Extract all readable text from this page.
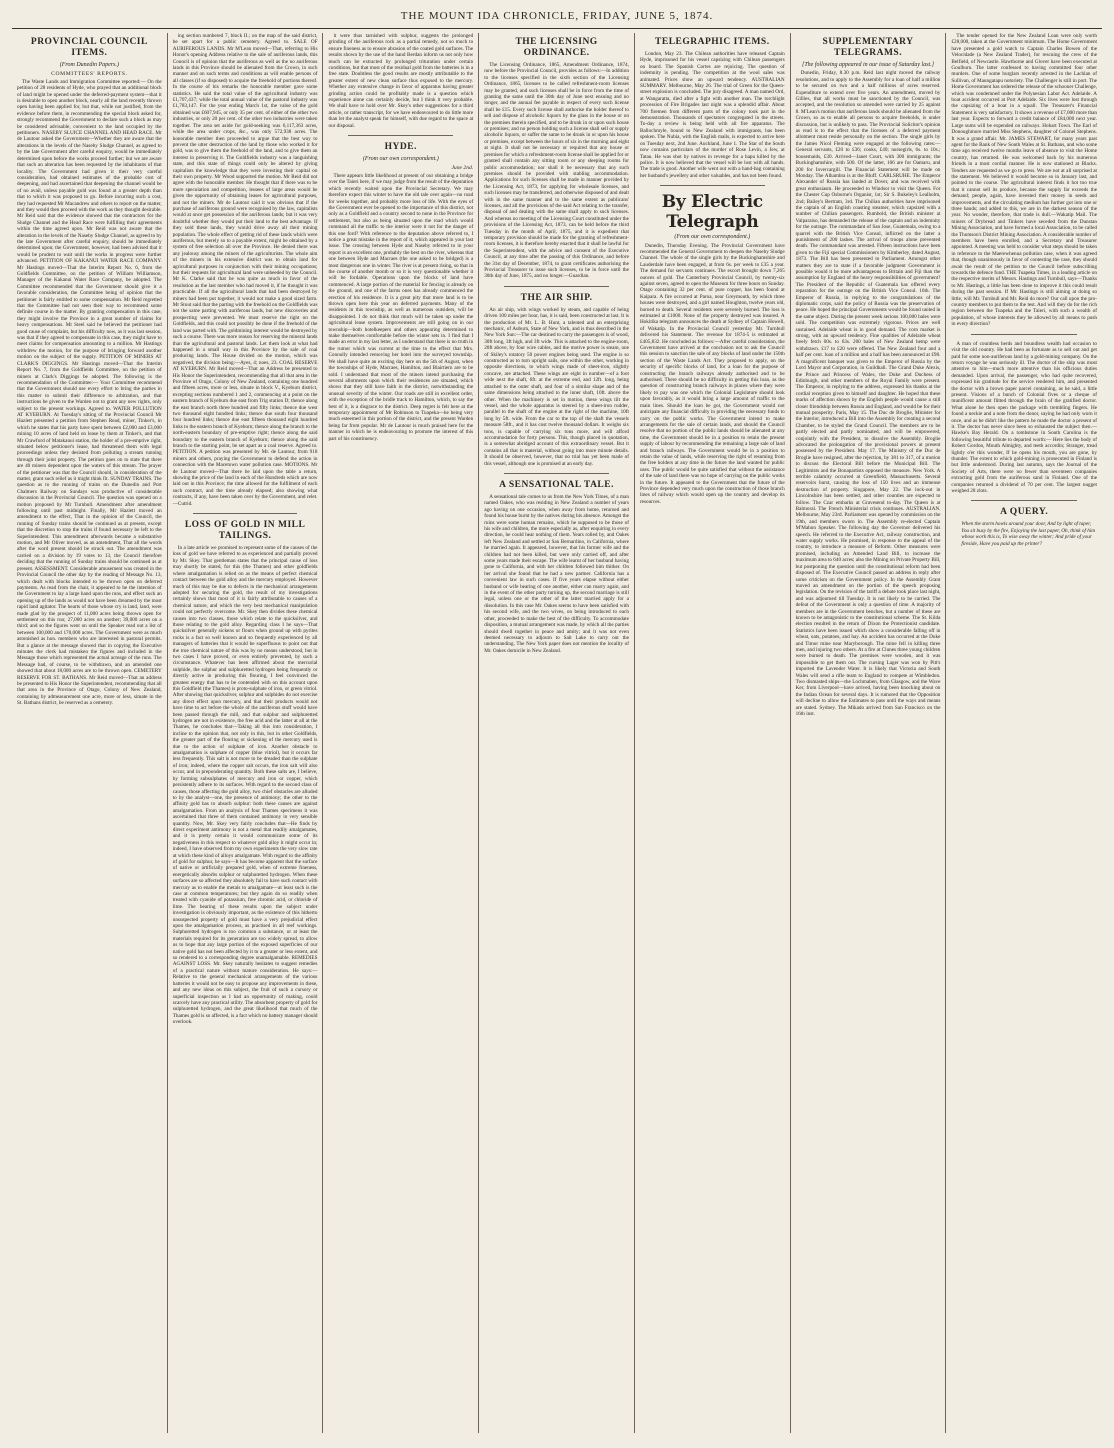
THE MOUNT IDA CHRONICLE, FRIDAY, JUNE 5, 1874.
PROVINCIAL COUNCIL ITEMS.
(From Dunedin Papers.)
COMMITTEES' REPORTS.
The Waste Lands and Immigration Committee reported:— On the petition of 28 residents of Hyde, who prayed that an additional block of land might be opened under the deferred-payment system—that it is desirable to open another block, nearly all the land recently thrown open having been applied for, but that, while not justified, from the evidence before them, in recommending the special block asked for, strongly recommend the Government to declare such a block as may be considered advisable, convenient to the land occupied by the petitioners. NASEBY SLUICE CHANNEL AND HEAD RACE. Mr de Lautour asked the Government—Whether they are aware that the alterations in the levels of the Naseby Sludge Channel, as agreed to by the late Government after careful enquiry, would be immediately determined upon before the works proceed further; but we are aware that such an alteration has been requested by the inhabitants of that locality. The Government had given it their very careful consideration, had obtained estimates of the probable cost of deepening, and had ascertained that deepening the channel would be of no avail, unless payable gold was found at a greater depth than that to which it was proposed to go. Before incurring such a cost, they had requested Mr Macandrew and others to report on the matter, and they would then proceed with the work as they thought desirable. Mr Reid said that the evidence showed that the contractors for the Sludge Channel and the Head Race were fulfilling their agreements within the time agreed upon. Mr Reid was not aware that the alteration in the levels of the Naseby Sludge Channel, as agreed to by the late Government after careful enquiry, should be immediately determined upon; the Government, however, had been advised that it would be prudent to wait until the works in progress were further advanced. PETITION OF KAKANUI WATER RACE COMPANY. Mr Hastings moved—That the Interim Report No. 6, from the Goldfields Committee, on the petition of William Williamson, Manager of the Kakanui Water Race Company, be adopted. The Committee recommended that the Government should give it a favorable consideration, the Committee being of opinion that the petitioner is fairly entitled to some compensation. Mr Reid regretted that the Committee had not seen their way to recommend some definite course in the matter. By granting compensation in this case, they might involve the Province in a great number of claims for heavy compensations. Mr Steel said he believed the petitioner had good cause of complaint, but his difficulty now, as it was last session, was that if they agreed to compensate in this case, they might have to meet claims for compensation amounting to a million. Mr Hastings withdrew the motion, for the purpose of bringing forward another motion on the subject of the supply. PETITION OF MINERS AT CLARK'S DIGGINGS. Mr Hastings moved—That the Interim Report No. 7, from the Goldfields Committee, on the petition of miners at Clark's Diggings be adopted. The following is the recommendation of the Committee:— Your Committee recommend that the Government should use every effort to bring the parties in this matter to submit their difference to arbitration, and that instructions be given to the Warden not to grant any new rights, only subject to the present workings. Agreed to. WATER POLLUTION AT KYEBURN. At Tuesday's sitting of the Provincial Council Mr Hazlett presented a petition from Stephen Read, miner, Tinker's, in which he states that his party have spent between £2,000 and £3,000 mining 10 acres of land held on lease by them at Tinker's, and that Mr Crawford of Matakanui station, the holder of a pre-emptive right, situated below petitioner's lease, had threatened them with legal proceedings unless they desisted from polluting a stream running through their joint property. The petition goes on to state that there are 40 miners dependent upon the waters of this stream. The prayer of the petitioner was that the Council should, in consideration of the matter, grant such relief as it might think fit. SUNDAY TRAINS. The question as to the running of trains on the Dunedin and Port Chalmers Railway on Sundays was productive of considerable discussion in the Provincial Council. The question was opened on a motion proposed by Mr Turnbull. Amendment after amendment following until past midnight. Finally, Mr Hazlett moved an amendment to the effect, That in the opinion of the Council, the running of Sunday trains should be continued as at present, except that the discretion to stop the trains if found necessary be left to the Superintendent. This amendment afterwards became a substantive motion, and Mr Oliver moved, as an amendment, That all the words after the word present should be struck out. The amendment was carried on a division by 19 votes to 13, the Council therefore deciding that the running of Sunday trains should be continued as at present. ASSESSMENT. Considerable amusement was created in the Provincial Council the other day by the reading of Message No. 13, which dealt with blocks intended to be thrown open on deferred payments. As read from the chair, it appeared to be the intention of the Government to lay a large hand upon the runs, and effect such an opening up of the lands as would not have been dreamed by the most rapid land agitator. The hearts of those whose cry is land, land, were made glad by the prospect of 11,000 acres being thrown open for settlement on this run; 27,000 acres on another; 39,000 acres on a third; and so the figures went on until the Speaker read out a list of between 100,000 and 170,000 acres. The Government were as much astonished as hon. members who are interested in pastoral permits. But a glance at the message showed that in copying the Executive minutes the clerk had mistaken the figures and included in the Message those which represented the actual acreage of the runs. The Message had, of course, to be withdrawn, and an amended one showed that about 18,000 acres are to be thrown open. CEMETERY RESERVE FOR ST. BATHANS. Mr Reid moved—That an address be presented to His Honor the Superintendent, recommending that all that area in the Province of Otago, Colony of New Zealand, containing by admeasurement one acre, more or less, situate in the St. Bathans district, be reserved as a cemetery.
ing section numbered 7, block II.; on the map of the said district, be set apart for a public cemetery. Agreed to. SALE OF AURIFEROUS LANDS. Mr M'Lean moved—That, referring to His Honor's opening Address relative to the sale of auriferous lands, this Council is of opinion that the auriferous as well as the no auriferous lands in this Province should be alienated from the Crown, in such manner and on such terms and conditions as will enable persons of all classes (if so disposed) to acquire the freehold of portions thereof. In the course of his remarks the honorable member gave some statistics. He said the total value of the agricultural industry was £1,707,437; while the total annual value of the pastoral industry was £1,783,147. For the year ending March 1st, the value of the gold obtained was £607,945, or only 35 per cent. of either of the other two industries, or only 20 per cent. of the other two industries were taken together. The area set aside for gold-seeking was 6,117,363 acres, while the area under crops, &c., was only 572,938 acres. The honorable member then proceeded to argue that the best way to prevent the utter destruction of the land by those who worked it for gold, was to give them the freehold of the land, and to give them an interest in preserving it. The Goldfields industry was a languishing state, and this state of things could only be altered by giving capitalists the knowledge that they were investing their capital on their own property. Mr Wood supported the motion. Mr Reid did not agree with the honorable member. He thought that if there was to be more speculation and competition, lessees of large areas would be given the opportunity of obtaining leases for agricultural purposes, and not the miners. Mr de Lautour said it was obvious that if the purchase of auriferous ground were recognised by the law, capitalists would at once get possession of the auriferous lands; but it was very doubtful whether they would put their land to the best advantage. If they sold these lands, they would drive away all their mining population. The whole effect of getting rid of these lands which were auriferous, but merely so to a payable extent, might be obtained by a system of free selection all over the Province. He denied there was any jealousy among the miners of the agriculturists. The whole aim of the miners in his extensive district was to obtain land for agricultural purposes in conjunction with their mining occupations; but their requests for agricultural land were unheeded by the Council. Mr K. Clarke said that he was quite as much in favor of the resolution as the last member who had moved it, if he thought it was practicable. If all the agricultural lands that had been destroyed by miners had been put together, it would not make a good sized farm. Mr Stout said that the parting with the freehold on the Goldfields was not the same parting with auriferous lands, but new discoveries and prospecting were prevented. We must reserve the right on the Goldfields, and this could not possibly be done if the freehold of the land was parted with. The goldmining interest would be destroyed by such a course. There was more reason for reserving the mineral lands than the agricultural and pastoral lands. Let them look at what had happened in a small way in this Province by the sale of coal producing lands. The House divided on the motion, which was negatived, the division being:—Ayes, 4; noes, 23. COAL RESERVE AT KYEBURN. Mr Reid moved—That an Address be presented to His Honor the Superintendent, recommending that all that area in the Province of Otago, Colony of New Zealand, containing one hundred and fifteen acres, more or less, situate in block V., Kyeburn district, excepting sections numbered 1 and 2, commencing at a point on the eastern branch of Kyeburn due east from Trig station D; thence along the east branch north three hundred and fifty links; thence due west two thousand eight hundred links; thence due south four thousand four hundred links; thence due east fifteen thousand eight hundred links to the eastern branch of Kyeburn; thence along the branch to the north-eastern boundary of pre-emptive right; thence along the said boundary to the eastern branch of Kyeburn; thence along the said branch to the starting point, be set apart as a coal reserve. Agreed to. PETITION. A petition was presented by Mr. de Lautour, from 918 miners and others, praying the Government to defend the action in connection with the Macetown water pollution case. MOTIONS. Mr de Lautour moved—That there be laid upon the table a return, showing the price of the land in each of the Hundreds which are now laid out in this Province; the time allowed for the fulfilment of each such contract, and the time already elapsed; also showing what contracts, if any, have been taken over by the Government, and relet. —Cutrid.
LOSS OF GOLD IN MILL TAILINGS.
In a late article we promised to represent some of the causes of the loss of gold we have referred to as experienced and partially proved by Mr. Skey. That gentleman states that the principal cause of loss may shortly be stated, for this (the Thames) and other goldfields where amalgamation is relied on as the means of perfect chemical contact between the gold alloy and the mercury employed. However much of this may be due to defects in the mechanical arrangements adopted for securing the gold, the result of my investigations certainly shows that most of it is fairly attributable to causes of a chemical nature, and which the very best mechanical manipulation could not perfectly overcome. Mr. Skey then divides these chemical causes into two classes, those which relate to the quicksilver, and those relating to the gold alloy. Regarding class I he says—That quicksilver generally sickens or flours when ground up with pyrites rocks is a fact so well known and so frequently experienced by all managers of batteries that it would be superfluous to point out that the true chemical nature of this was by no means understood, but in two cases I have proved, or even entirely prevented, by such a circumstance. Whatever has been affirmed about the mercurial sulphide, the sulphur and sulphuretted hydrogen being frequently or directly active in producing this flouring, I feel convinced the greatest energy that has to be contended with on this account upon this Goldfield (the Thames) is proto-sulphate of iron, or green vitriol. After showing that quicksilver, sulphur and sulphides do not exercise any direct effect upon mercury, and that their products would not have time to act before the whole of the auriferous stuff would have been passed through the mill, and that sulphur and sulphuretted hydrogen are not in existence, the free acid and the latter at all at the Thames, he concludes that—Taking all this into consideration, I incline to the opinion that, not only in this, but in other Goldfields, the greater part of the flouring or sickening of the mercury used is due to the action of sulphate of iron. Another obstacle to amalgamation is sulphate of copper (blue vitriol), but it occurs far less frequently. This salt is not more to be dreaded than the sulphate of iron; indeed, where the copper salt occurs, the iron salt will also occur, and in preponderating quantity. Both these salts are, I believe, by forming subsulphates of mercury and iron or copper, which persistently adhere to its surfaces. With regard to the second class of causes, those affecting the gold alloy, two chief obstacles are alluded to by the analyst—one, the presence of antimony; the other to the affinity gold has to absorb sulphur: both these causes are against amalgamation. From an analysis of four Thames specimens it was ascertained that three of them contained antimony in very sensible quantity. Now, Mr. Skey very fairly concludes that—He finds by direct experiment antimony is not a metal that readily amalgamates, and it is pretty certain it would communicate some of its negativeness in this respect to whatever gold alloy it might occur in; indeed, I have observed from my own experiments the very slow rate at which these kind of alloys amalgamate. With regard to the affinity of gold for sulphur, he says—It has become apparent that the surface of native or artificially prepared gold, when of extreme fineness, energetically absorbs sulphur or sulphuretted hydrogen. When these surfaces are so affected they absolutely fail to have such contact with mercury as to enable the metals to amalgamate—at least such is the case at common temperatures; but they again do so readily when treated with cyanide of potassium, free chromic acid, or chloride of lime. The bearing of these results upon the subject under investigation is obviously important, as the existence of this hitherto unsuspected property of gold must have a very prejudicial effect upon the amalgamation process, as practised in all reef workings. Sulphuretted hydrogen is too common a substance, or at least the materials required for its generation are too widely spread, to allow us to hope that any large portion of the exposed superficies of our native gold has not been affected by it to a greater or less extent, and so rendered to a corresponding degree unamalgamable. REMEDIES AGAINST LOSS. Mr. Skey naturally hesitates to suggest remedies of a practical nature without mature consideration. He says:—Relative to the general mechanical arrangements of the various batteries it would not be easy to propose any improvements in these, and any new ideas on this subject, the fruit of such a cursory or superficial inspection as I had an opportunity of making, could scarcely have any practical utility. The absorbent property of gold for sulphuretted hydrogen, and the great likelihood that much of the Thames gold is so affected, is a fact which no battery manager should overlook.
it were thus tarnished with sulphur, suggests the prolonged grinding of the auriferous rock as a partial remedy, not so much to ensure fineness as to ensure abrasion of the coated gold surfaces. The results shown by the use of the hand Berdan inform us not only how much can be extracted by prolonged trituration under certain conditions, but that most of the residual gold from the batteries is in a free state. Doubtless the good results are mostly attributable to the greater extent of new clean surface thus exposed to the mercury. Whether any extensive change in favor of apparatus having greater grinding action could be profitably made is a question which experience alone can certainly decide, but I think it very probable. We shall have to hold over Mr. Skey's other suggestions for a third article, or rather transcript, for we have endeavoured to do little more than let the analyst speak for himself, with due regard to the space at our disposal.
HYDE.
(From our own correspondent.)
June 2nd.
There appears little likelihood at present of our obtaining a bridge over the Taieri here, if we may judge from the result of the deputation which recently waited upon the Provincial Secretary. We may therefore expect this winter to have the old tale over again—no road for weeks together, and probably more loss of life. With the eyes of the Government ever be opened to the importance of this district, not only as a Goldfield and a country second to none in the Province for settlement, but also as being situated upon the road which would command all the traffic to the interior were it not for the danger of this one ford? With reference to the deputation above referred to, I notice a great mistake in the report of it, which appeared in your last issue. The crossing between Hyde and Naseby referred to in your report is an excellent one, probably the best on the river, whereas that one between Hyde and Macraes (the one asked to be bridged) is a most dangerous one in winter. The river is at present rising, so that in the course of another month or so it is very questionable whether it will be fordable. Operations upon the blocks of land have commenced. A large portion of the material for fencing is already on the ground, and one of the farms ones has already commenced the erection of his residence. It is a great pity that more land is to be thrown open here this year on deferred payments. Many of the residents in this township, as well as numerous outsiders, will be disappointed. I do not think that much will be taken up under the agricultural lease system. Improvements are still going on in our township—both hotelkeepers and others appearing determined to make themselves comfortable before the winter sets in. I find that I made an error in my last letter, as I understand that there is no truth in the rumor which was current at the time to the effect that Mrs. Connolly intended removing her hotel into the surveyed township. We shall have quite an exciting day here on the 5th of August, when the townships of Hyde, Macraes, Hamilton, and Blairtiern are to be sold. I understand that most of the miners intend purchasing the several allotments upon which their residences are situated, which shows that they still have faith in the district, notwithstanding the unusual severity of the winter. Our roads are still in excellent order, with the exception of the bridle track to Hamilton, which, to say the best of it, is a disgrace to the district. Deep regret is felt here at the temporary appointment of Mr Robinson to Tuapeka—he being very much esteemed in this portion of the district, and the present Warden being far from popular. Mr de Lautour is much praised here for the manner in which he is endeavouring to promote the interest of this part of his constituency.
THE LICENSING ORDINANCE.
The Licensing Ordinance, 1865, Amendment Ordinance, 1874, now before the Provincial Council, provides as follows:—In addition to the licenses specified in the sixth section of the Licensing Ordinance, 1865, licenses to be called refreshment-room licenses may be granted, and such licenses shall be in force from the time of granting the same until the 30th day of June next ensuing and no longer, and the annual fee payable in respect of every such license shall be £15. Every such license shall authorise the holder thereof to sell and dispose of alcoholic liquors by the glass in the house or on the premises therein specified, and to be drunk in or upon such house or premises; and no person holding such a license shall sell or supply alcoholic liquors, or suffer the same to be drunk in or upon his house or premises, except between the hours of six in the morning and eight at night. It shall not be necessary or required that any house or premises for which a refreshment-room license shall be applied for or granted shall contain any sitting room or any sleeping rooms for public accommodation; nor shall it be necessary that any such premises should be provided with stabling accommodation. Applications for such licenses shall be made in manner provided by the Licensing Act, 1873, for applying for wholesale licenses, and such licenses may be transferred, and otherwise disposed of and dealt with in the same manner and to the same extent as publicans' licenses, and all the provisions of the said Act relating to the transfer, disposal of and dealing with the same shall apply to such licenses. And whereas no meeting of the Licensing Court constituted under the provisions of the Licensing Act, 1873, can be held before the third Tuesday in the month of April, 1875, and it is expedient that temporary provision should be made for the granting of refreshment-room licenses, it is therefore hereby enacted that it shall be lawful for the Superintendent, with the advice and consent of the Executive Council, at any time after the passing of this Ordinance, and before the 31st day of December, 1874, to grant certificates authorising the Provincial Treasurer to issue such licenses, to be in force until the 30th day of June, 1875, and no longer.—Guardian.
THE AIR SHIP.
An air ship, with wings worked by steam, and capable of being driven 100 miles per hour, has, it is said, been constructed at last. It is the production of Mr. L. B. Hunt, a talented and an enterprising mechanic, of Auburn, State of New York, and is thus described in the New York Sun:—The car destined to carry the passengers is of wood, 30ft long, 3ft high, and 3ft wide. This is attached to the engine-room, 20ft above, by four wire cables, and the motive power is steam, one of Skiley's rotatory 50 power engines being used. The engine is so constructed as to turn upright sails, one within the other, working in opposite directions, to which wings made of sheet-iron, slightly concave, are attached. These wings are eight in number—of a foot wide next the shaft, 6ft. at the extreme end, and 12ft. long, being attached to the outer shaft, and four of a similar shape and of the same dimensions being attached to the inner shaft, 10ft. above the other. When the machinery is set in motion, these wings tilt the vessel, and the whole apparatus is steered by a sheet-iron rudder, parallel to the shaft of the engine at the right of the machine, 10ft long by 5ft. wide. From the car to the top of the shaft the vessels measure 58ft., and it has cost twelve thousand dollars. It weighs six tons, is capable of carrying six tons more, and will afford accommodation for forty persons. This, though placed in quotation, is a somewhat abridged account of this extraordinary vessel. But it contains all that is material, without going into more minute details. It should be observed, however, that no trial has yet been made of this vessel, although one is promised at an early day.
A SENSATIONAL TALE.
A sensational tale comes to us from the New York Times, of a man named Oakes, who was residing in New Zealand a number of years ago having on one occasion, when away from home, returned and found his house burnt by the natives during his absence. Amongst the ruins were some human remains, which he supposed to be those of his wife and children, the more especially as, after enquiring in every direction, he could hear nothing of them. Years rolled by, and Oakes left New Zealand and settled at San Bernardino, in California, where he married again. It appeared, however, that his former wife and the children had not been killed, but were only carried off, and after some years made their escape. The wife learnt of her husband having gone to California, and with her children followed him thither. On her arrival she found that he had a new partner. California has a convenient law in such cases. If five years elapse without either husband or wife hearing of one another, either can marry again, and in the event of the other party turning up, the second marriage is still legal, unless one or the other of the latter married apply for a dissolution. In this case Mr. Oakes seems to have been satisfied with his second wife, and the two wives, on being introduced to each other, proceeded to make the best of the difficulty. To accommodate disposition, a mutual arrangement was made, by which all the parties should dwell together in peace and amity; and it was not even deemed necessary to adjourn to Salt Lake to carry out the understanding. The New York paper does not mention the locality of Mr. Oakes domicile in New Zealand.
TELEGRAPHIC ITEMS.
London, May 23. The Chilean authorities have released Captain Hyde, imprisoned for his vessel capsizing with Chilean passengers on board. The Spanish Cortes are rejoicing. The question of indemnity is pending. The competition at the wool sales was animated. Prices show an upward tendency. AUSTRALIAN SUMMARY. Melbourne, May 26. The trial of Green for the Queen-street explosion is concluded. The jury disagreed. A man named Ord, at Wangaratta, died after a fight with another man. The torchlight procession of Fire Brigades last night was a splendid affair. About 700 firemen from different parts of the colony took part in the demonstration. Thousands of spectators congregated in the streets. To-day a review is being held with all fire apparatus. The Ballochmyle, bound to New Zealand with immigrants, has been spoken. The Nubia, with the English mails, is expected to arrive here on Tuesday next, 2nd June. Auckland, June 1. The Star of the South now contains particulars of the murder of Rose Levin, a Jew, at Tatau. He was shot by natives in revenge for a hapu killed by the police. It is now believed that the vessel will be lost with all hands. The trade is good. Another wife went out with a hand-bag containing her husband's jewellery and other valuables, and has not been found.
By Electric Telegraph
(From our own correspondent.)
Dunedin, Thursday Evening. The Provincial Government have recommended the General Government to deepen the Naseby Sludge Channel. The whole of the single girls by the Buckinghamshire and Lauderdale have been engaged, at from 6s. per week to £35 a year. The demand for servants continues. The escort brought down 7,265 ounces of gold. The Canterbury Provincial Council, by twenty-six against seven, agreed to open the Museum for three hours on Sunday. Otago containing 32 per cent. of pure copper, has been found at Kaipara. A fire occurred at Paroa, near Greymouth, by which three houses were destroyed, and a girl named Houghton, twelve years old, burned to death. Several residents were severely burned. The loss is estimated at £1000. None of the property destroyed was insured. A Hokitika telegram announces the death at Sydney of Captain Howell, of Wakatip. In the Provincial Council yesterday Mr. Turnbull delivered his Statement. The revenue for 1874-5 is estimated at £405,832. He concluded as follows:—After careful consideration, the Government have arrived at the conclusion not to ask the Council this session to sanction the sale of any blocks of land under the 150th section of the Waste Lands Act. They proposed to apply, on the security of specific blocks of land, for a loan for the purpose of constructing the branch railways already authorised and to be authorised. There should be no difficulty in getting this loan, as the question of constructing branch railways in places where they were likely to pay was one which the Colonial Legislature should look upon favorably, as it would bring a large amount of traffic to the main lines. Should the loan be got, the Government would not anticipate any financial difficulty in providing the necessary funds to carry on the public works. The Government intend to make arrangements for the sale of certain lands, and should the Council resolve that no portion of the public lands should be alienated at any time, the Government should be in a position to retain the present supply of labour by recommending the remaining a large sale of land and branch railways. The Government would be in a position to retain the value of lands, while reserving the right of resuming from the free holders at any time in the future the land wanted for public uses. The public would be quite satisfied that without the assistance of the sale of land there was no hope of carrying on the public works in the future. It appeared to the Government that the future of the Province depended very much upon the construction of those branch lines of railway which would open up the country and develop its resources.
SUPPLEMENTARY TELEGRAMS.
[The following appeared in our issue of Saturday last.]
Dunedin, Friday, 8.30 p.m. Reid last night moved the railway resolutions, and to apply to the Assembly for a loan of half a million to be secured on two and a half millions of acres reserved. Expenditure to extend over five years. An amendment, moved by Gillies, that all works must be sanctioned by the Council, was accepted, and the resolution so amended were carried by 25 against 8. M'Lean's motion that auriferous lands should be alienated from the Crown, so as to enable all persons to acquire freeholds, is under discussion, but is unlikely to pass. The Provincial Solicitor's opinion as read is to the effect that the licenses of a deferred payment allotment must reside personally on the section. The single girls by the James Nicol Fleming were engaged at the following rates:—General servants, £20 to £36; cooks, £40; nursegirls, 6s. to 10s.; housemaids, £30. Arrived—Janet Court, with 300 immigrants; the Buckinghamshire, with 500. Of the latter, 106 are for Oamaru, and 200 for Invercargill. The Financial Statement will be made on Monday. The Alhambra is at the Bluff. CARLSRUHE. The Emperor Alexander of Russia has landed at Dover, and was received with great enthusiasm. He proceeded to Windsor to visit the Queen. For the Chester Cup Osborne's Organist, 1st; Sir S. Bukeley's Lealholm, 2nd; Bailey's Bertram, 3rd. The Chilian authorities have imprisoned the captain of an English coasting steamer, which capsized with a number of Chilian passengers. Rumbold, the British minister at Valparaiso, has demanded the release of the captain and an indemnity for the outrage. The commandant of San Jose, Guatemala, owing to a quarrel with the British Vice Consul, inflicted on the latter a punishment of 200 lashes. The arrival of troops alone prevented death. The commandant was arrested. Fifteen instructions have been given to the Fiji special Commissioners by Kimberley, dated August, 1873. The Bill has been presented to Parliament. Amongst other matters they are to state if a favorable judgment Government is possible would it be more advantageous to Britain and Fiji than the assumption by England of the heavy responsibilities of government? The President of the Republic of Guatemala has offered every reparation for the outrage on the British Vice Consul. 16th. The Emperor of Russia, in replying to the congratulations of the diplomatic corps, said the policy of Russia was the preservation of peace. He hoped the principal Governments would be found united in the same object. During the present week serious 100,000 bales were sold. The competition was extremely vigorous. Prices are well sustained. Adelaide wheat is in good demand. The corn market is strong, with an upward tendency. Fine qualities of Adelaide wheat freely fetch 60s. to 63s. 200 bales of New Zealand hemp were withdrawn. £17 to £20 were offered. The New Zealand four and a half per cent. loan of a million and a half has been announced at £98. A magnificent banquet was given to the Emperor of Russia by the Lord Mayor and Corporation, in Guildhall. The Grand Duke Alexis, the Prince and Princess of Wales, the Duke and Duchess of Edinburgh, and other members of the Royal Family were present. The Emperor, in replying to the address, expressed his thanks at the cordial reception given to himself and daughter. He hoped that these marks of affection shown by the English people would cause a still closer friendship between Russia and England, and would be for their mutual prosperity. Paris, May 15. The Duc de Broglie, Minister for the Interior, introduced a Bill into the Assembly for creating a second Chamber, to be styled the Grand Council. The members are to be partly elected and partly nominated, and will be empowered, conjointly with the President, to dissolve the Assembly. Broglie advocated the prolongation of the provisional powers at present possessed by the President. May 17. The Ministry of the Duc de Broglie have resigned, after the rejection, by 381 to 317, of a motion to discuss the Electoral Bill before the Municipal Bill. The Legitimists and the Bonapartists opposed the measure. New York. A terrible calamity occurred at Greenfield, Massachusetts. Several reservoirs burst, causing the loss of 150 lives and an immense destruction of property. Singapore, May 22. The lock-out in Lincolnshire has been settled, and other counties are expected to follow. The Czar embarks at Gravesend to-day. The Queen is at Balmoral. The French Ministerial crisis continues. AUSTRALIAN. Melbourne, May 23rd. Parliament was opened by commission on the 19th, and members sworn in. The Assembly re-elected Captain M'Mahon Speaker. The following day the Governor delivered his speech. He referred to the Executive Act, railway construction, and water supply works. He promised, in response to the appeal of the country, to introduce a measure of Reform. Other measures were promised, including an Amended Land Bill, to increase the maximum area to 640 acres; also the Mining on Private Property Bill, but postponing the question until the constitutional reform had been disposed of. The Executive Council passed an address in reply after some criticism on the Government policy. In the Assembly Grant moved an amendment on the portion of the speech proposing legislation. On the revision of the tariff a debate took place last night, and was adjourned till Tuesday. It is not likely to be carried. The defeat of the Government is only a question of time. A majority of members are in the Government benches, but a number of these are known to be antagonistic to the constitutional scheme. The St. Kilda election resulted in the return of Dixon the Protectionist candidate. Statistics have been issued which show a considerable falling off in wheat, oats, potatoes, and hay. An accident has occurred at the Duke and Timor mine near Maryborough. The mine fell in killing three men, and injuring two others. At a fire at Clunes three young children were burned to death. The premises were wooden, and it was impossible to get them out. The cursing Lager was won by Pitt's imported the Lavender Water. It is likely that Victoria and South Wales will send a rifle team to England to compete at Wimbledon. Two dismasted ships—the Lochmaben, from Glasgow, and the Wave Ker, from Liverpool—have arrived, having been knocking about on the Indian Ocean for several days. It is rumored that the Opposition will decline to allow the Estimates to pass until the ways and means are stated. Sydney. The Mikado arrived from San Francisco on the 16th inst.
The tender opened for the New Zealand Loan were only worth £28,000, taken at the Government minimum. The Home Government have presented a gold watch to Captain Charles Bowen of the Velocidade (a New Zealand Trader), for rescuing the crew of the Belfield, of Newcastle. Hawthorne and Glover have been executed at Goulburn. The latter confessed to having committed four other murders. One of some burglars recently arrested in the Lachlan of Sullivan, of Maungatapu notoriety. The Challenger is still in port. The Home Government has ordered the release of the schooner Challenge, which was condemned under the Polynesian Labor Act. Adelaide. A boat accident occurred at Port Adelaide. Six lives were lost through the capsizing of a boat in a squall. The Treasurer's Financial Statement is very satisfactory. It shows a revenue of £7,000 more than last year. Expects to forward a credit balance of £84,000 next year. Large sums will be expended on railways. Hobart Town. The Earl of Donoughmore married Miss Stephens, daughter of Colonel Stephens. It was a grand affair. Mr. JAMES STEWART, for many years past agent for the Bank of New South Wales at St. Bathans, and who some time ago received twelve months leave of absence to visit the Home country, has returned. He was welcomed back by his numerous friends in a most cordial manner. He is now stationed at Blacks. Tenders are requested as we go to press. We are not at all surprised at the statement. We believed it would become so in January last, and pointed to the course. The agricultural interest finds it hot too true that it cannot sell its produce, because the supply far exceeds the demand; people, again, have invested their money in seeds and improvements, and the circulating medium has further got into one or three hands; and added to this, we are in the darkest season of the year. No wonder, therefore, that trade is dull.—Wakatip Mail. The miners of Drybread and Tinkers have seceded from the Dunstan Mining Association, and have formed a local Association, to be called the Thomson's District Mining Association. A considerable number of members have been enrolled, and a Secretary and Treasurer appointed. A meeting was held to consider what steps should be taken in reference to the Maerewhenua pollution case, when it was agreed that, though unanimously in favor of contesting the case, they should await the result of the petition to the Council before subscribing towards the defence fund. THE Tuapeka Times, in a leading article on the respective merits of Messrs. Hastings and Turnbull, says—Thanks to Mr. Hastings, a little has been done to improve it this could result during the past session. If Mr. Hastings is still aiming at doing so little, will Mr. Turnbull and Mr. Reid do more? Our call upon the pro-country members to put them to the test. And will they do for the rich region between the Tuapeka and the Taieri, with such a wealth of population, of whose interests they be allowed by all means to push in every direction?
A man of countless herds and boundless wealth had occasion to visit the old country. He had been as fortunate as to sell out and get paid for some non-auriferous land by a gold-mining company. On the return voyage he was seriously ill. The doctor of the ship was most attentive to him—much more attentive than his officious duties demanded. Upon arrival, the passenger, who had quite recovered, expressed his gratitude for the service rendered him, and presented the doctor with a brown paper parcel containing, as he said, a little present. Visions of a bunch of Colonial fives or a cheque of munificent amount flitted through the brain of the gratified doctor. What alone he then open the package with trembling fingers. He found a neckie and a note from the donor, saying he had only worn it once, and as he didn't like the pattern he made the doctor a present of it. The doctor has never since been so exhausted the subject then.—Hawke's Bay Herald. On a tombstone in South Carolina is the following beautiful tribute to departed worth:— Here lies the body of Robert Gordon, Mouth Almighty, and teeth accordin; Stranger, tread lightly o'er this wonder, If he opens his mouth, you are gone, by thunder. The extent to which gold-mining is prosecuted in Finland is but little understood. During last autumn, says the Journal of the Society of Arts, there were no fewer than seventeen companies extracting gold from the auriferous sand in Finland. One of the companies returned a dividend of 70 per cent. The largest nugget weighed 28 zlots.
A QUERY.
When the storm howls around your door, And by light of taper, You sit busy by the fire, Enjoying the last paper, Oh, think of him whose work this is, To wise away the winter; And pride of your fireside, Have you paid up the printer?
